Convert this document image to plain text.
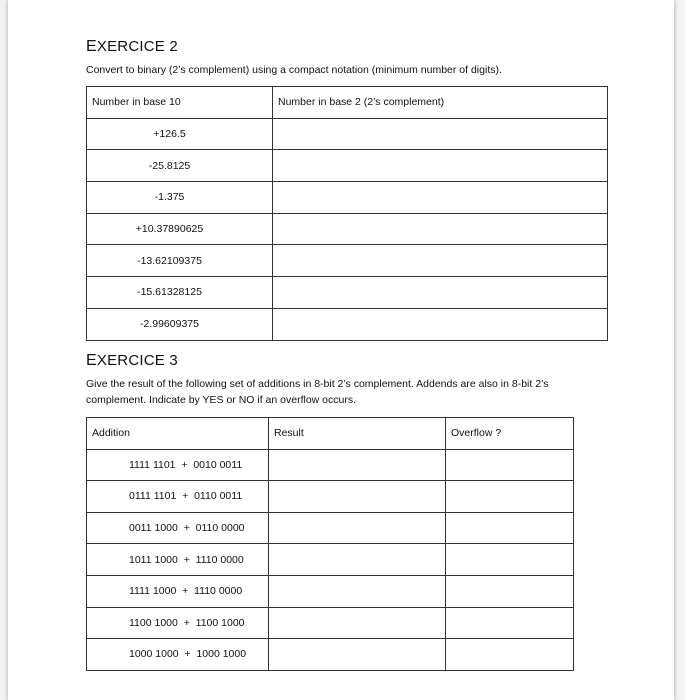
EXERCICE 2

Convert to binary (2’s complement) using a compact notation (minimum number of digits).

Number in base 10	Number in base 2 (2’s complement)
+126.5	
-25.8125	
-1.375	
+10.37890625	
-13.62109375	
-15.61328125	
-2.99609375	
EXERCICE 3

Give the result of the following set of additions in 8-bit 2’s complement. Addends are also in 8-bit 2’s

complement. Indicate by YES or NO if an overflow occurs.

Addition	Result	Overflow ?
1111 1101  +  0010 0011		
0111 1101  +  0110 0011		
0011 1000  +  0110 0000		
1011 1000  +  1110 0000		
1111 1000  +  1110 0000		
1100 1000  +  1100 1000		
1000 1000  +  1000 1000		
